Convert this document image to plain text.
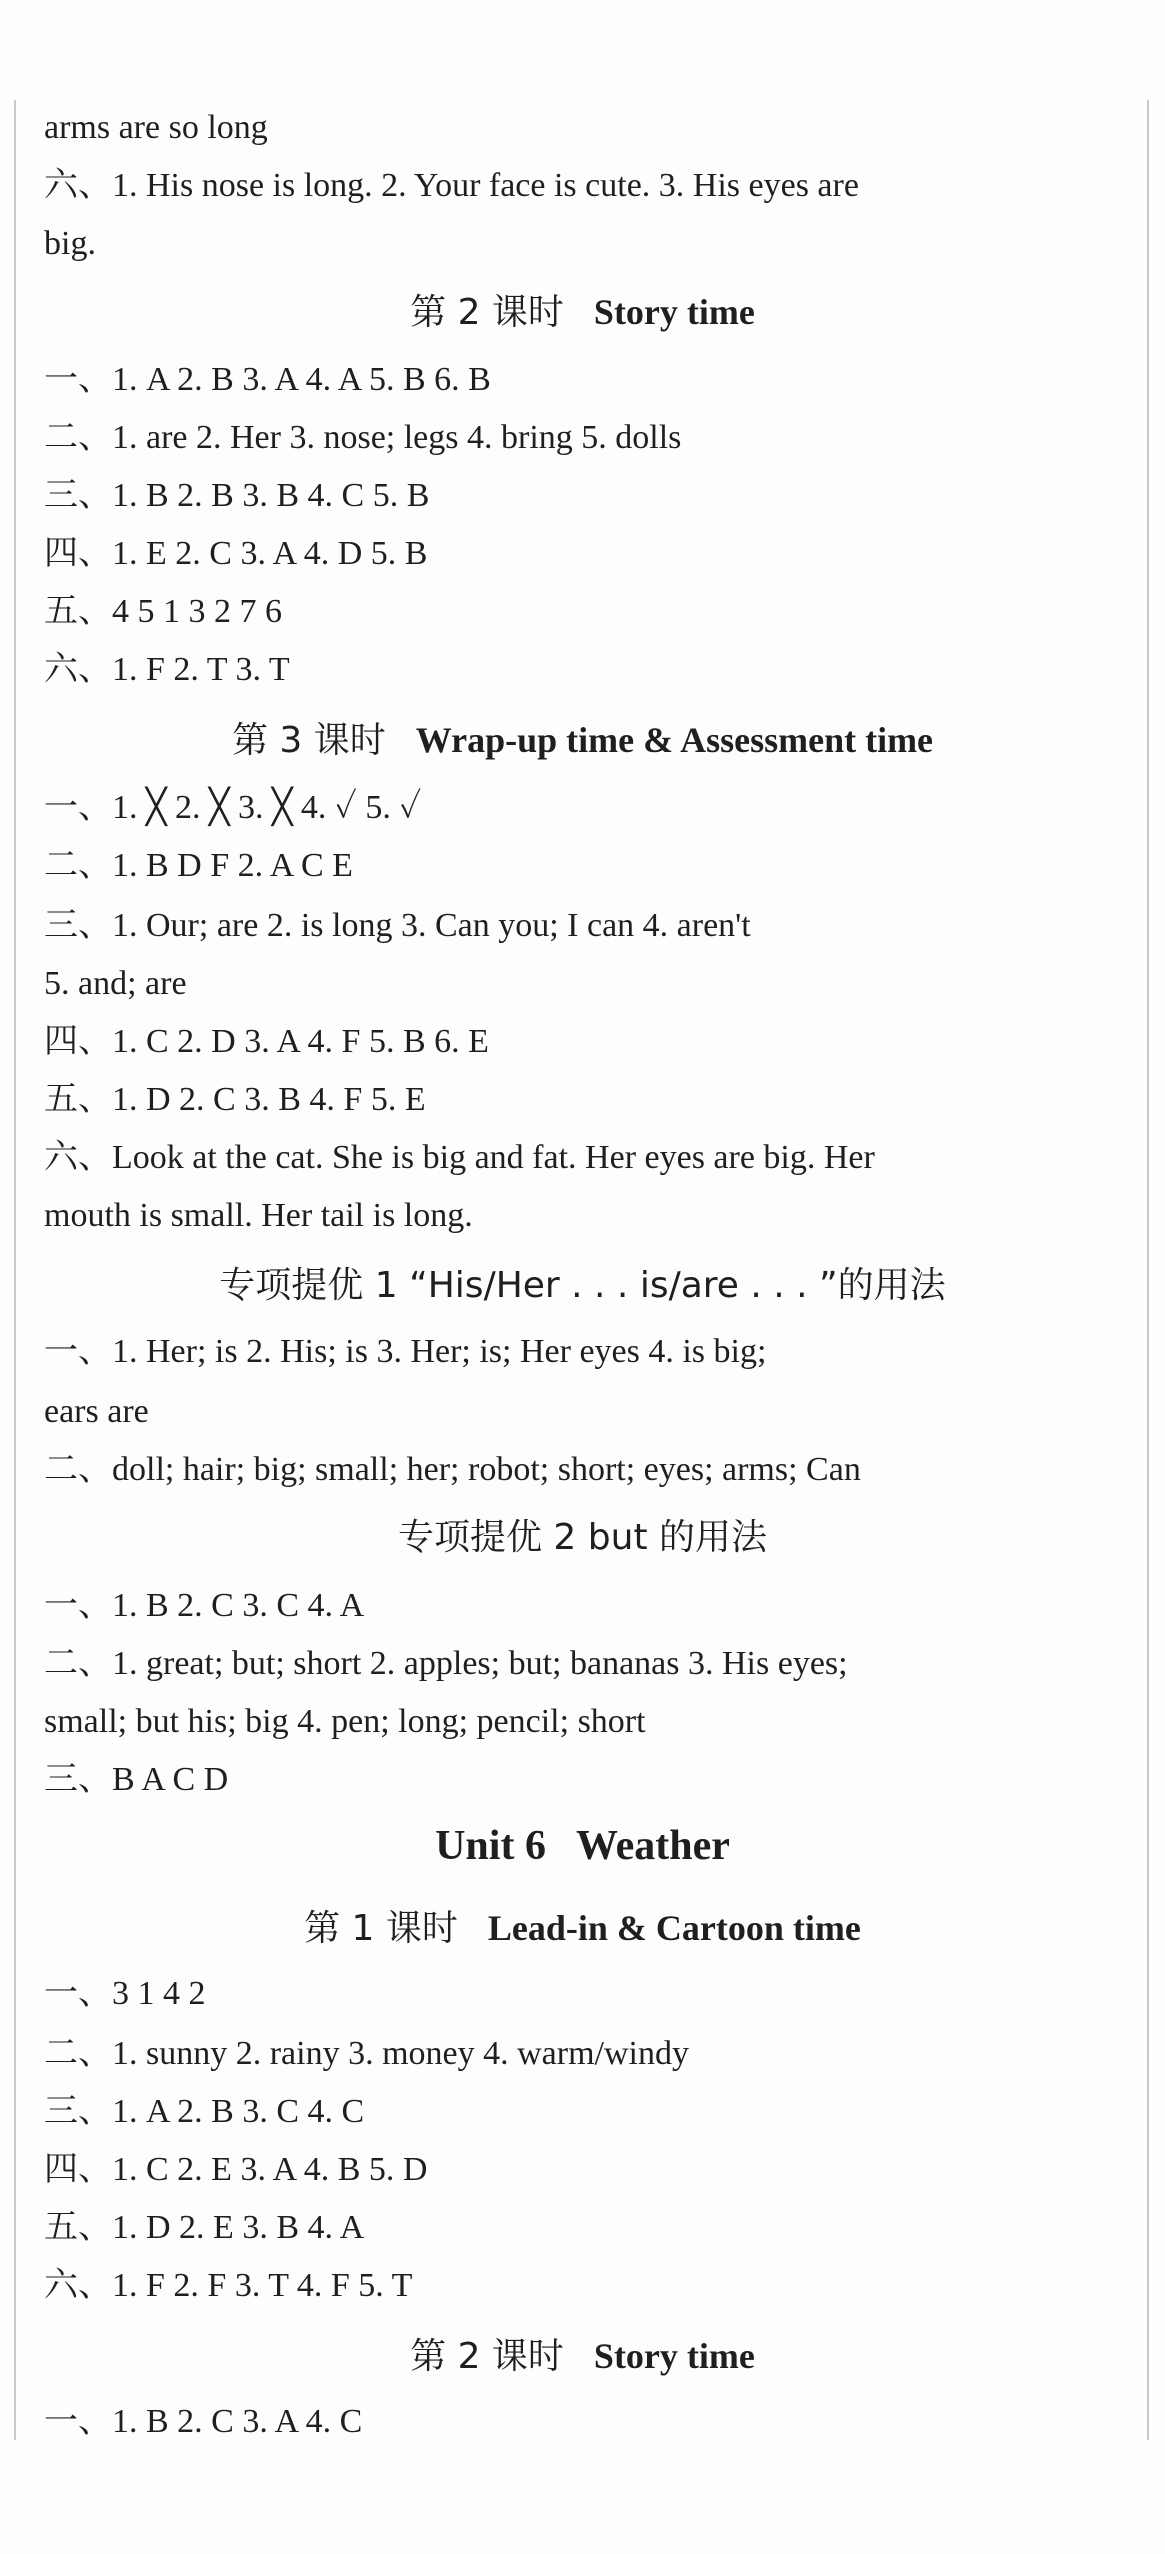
arms are so long
六、1. His nose is long. 2. Your face is cute. 3. His eyes are
big.
第 2 课时 Story time
一、1. A 2. B 3. A 4. A 5. B 6. B
二、1. are 2. Her 3. nose; legs 4. bring 5. dolls
三、1. B 2. B 3. B 4. C 5. B
四、1. E 2. C 3. A 4. D 5. B
五、4 5 1 3 2 7 6
六、1. F 2. T 3. T
第 3 课时 Wrap-up time & Assessment time
一、1. ╳ 2. ╳ 3. ╳ 4. ✓ 5. ✓
二、1. B D F 2. A C E
三、1. Our; are 2. is long 3. Can you; I can 4. aren't
5. and; are
四、1. C 2. D 3. A 4. F 5. B 6. E
五、1. D 2. C 3. B 4. F 5. E
六、Look at the cat. She is big and fat. Her eyes are big. Her
mouth is small. Her tail is long.
专项提优 1 “His/Her . . . is/are . . . ”的用法
一、1. Her; is 2. His; is 3. Her; is; Her eyes 4. is big;
ears are
二、doll; hair; big; small; her; robot; short; eyes; arms; Can
专项提优 2 but 的用法
一、1. B 2. C 3. C 4. A
二、1. great; but; short 2. apples; but; bananas 3. His eyes;
small; but his; big 4. pen; long; pencil; short
三、B A C D
Unit 6 Weather
第 1 课时 Lead-in & Cartoon time
一、3 1 4 2
二、1. sunny 2. rainy 3. money 4. warm/windy
三、1. A 2. B 3. C 4. C
四、1. C 2. E 3. A 4. B 5. D
五、1. D 2. E 3. B 4. A
六、1. F 2. F 3. T 4. F 5. T
第 2 课时 Story time
一、1. B 2. C 3. A 4. C
